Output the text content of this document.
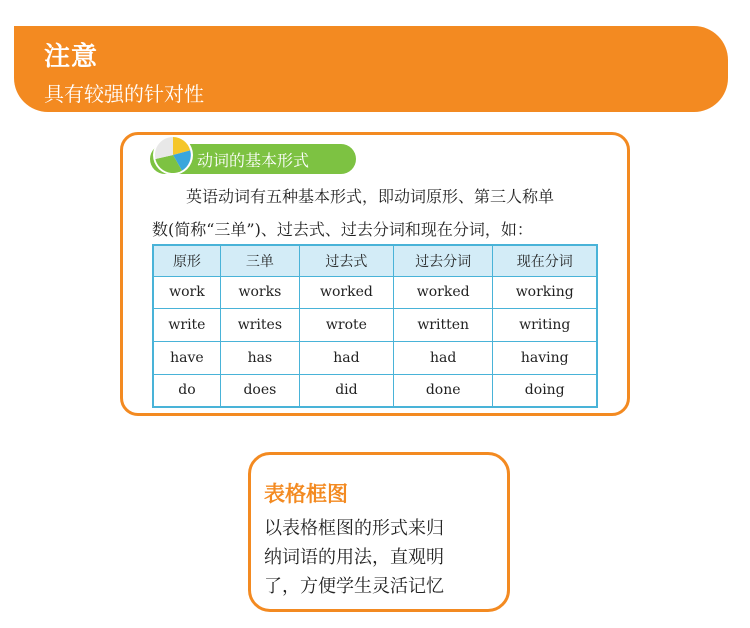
注意
具有较强的针对性
动词的基本形式
英语动词有五种基本形式，即动词原形、第三人称单
数(简称“三单”)、过去式、过去分词和现在分词，如：
原形	三单	过去式	过去分词	现在分词
work	works	worked	worked	working
write	writes	wrote	written	writing
have	has	had	had	having
do	does	did	done	doing
表格框图
以表格框图的形式来归
纳词语的用法，直观明
了，方便学生灵活记忆
